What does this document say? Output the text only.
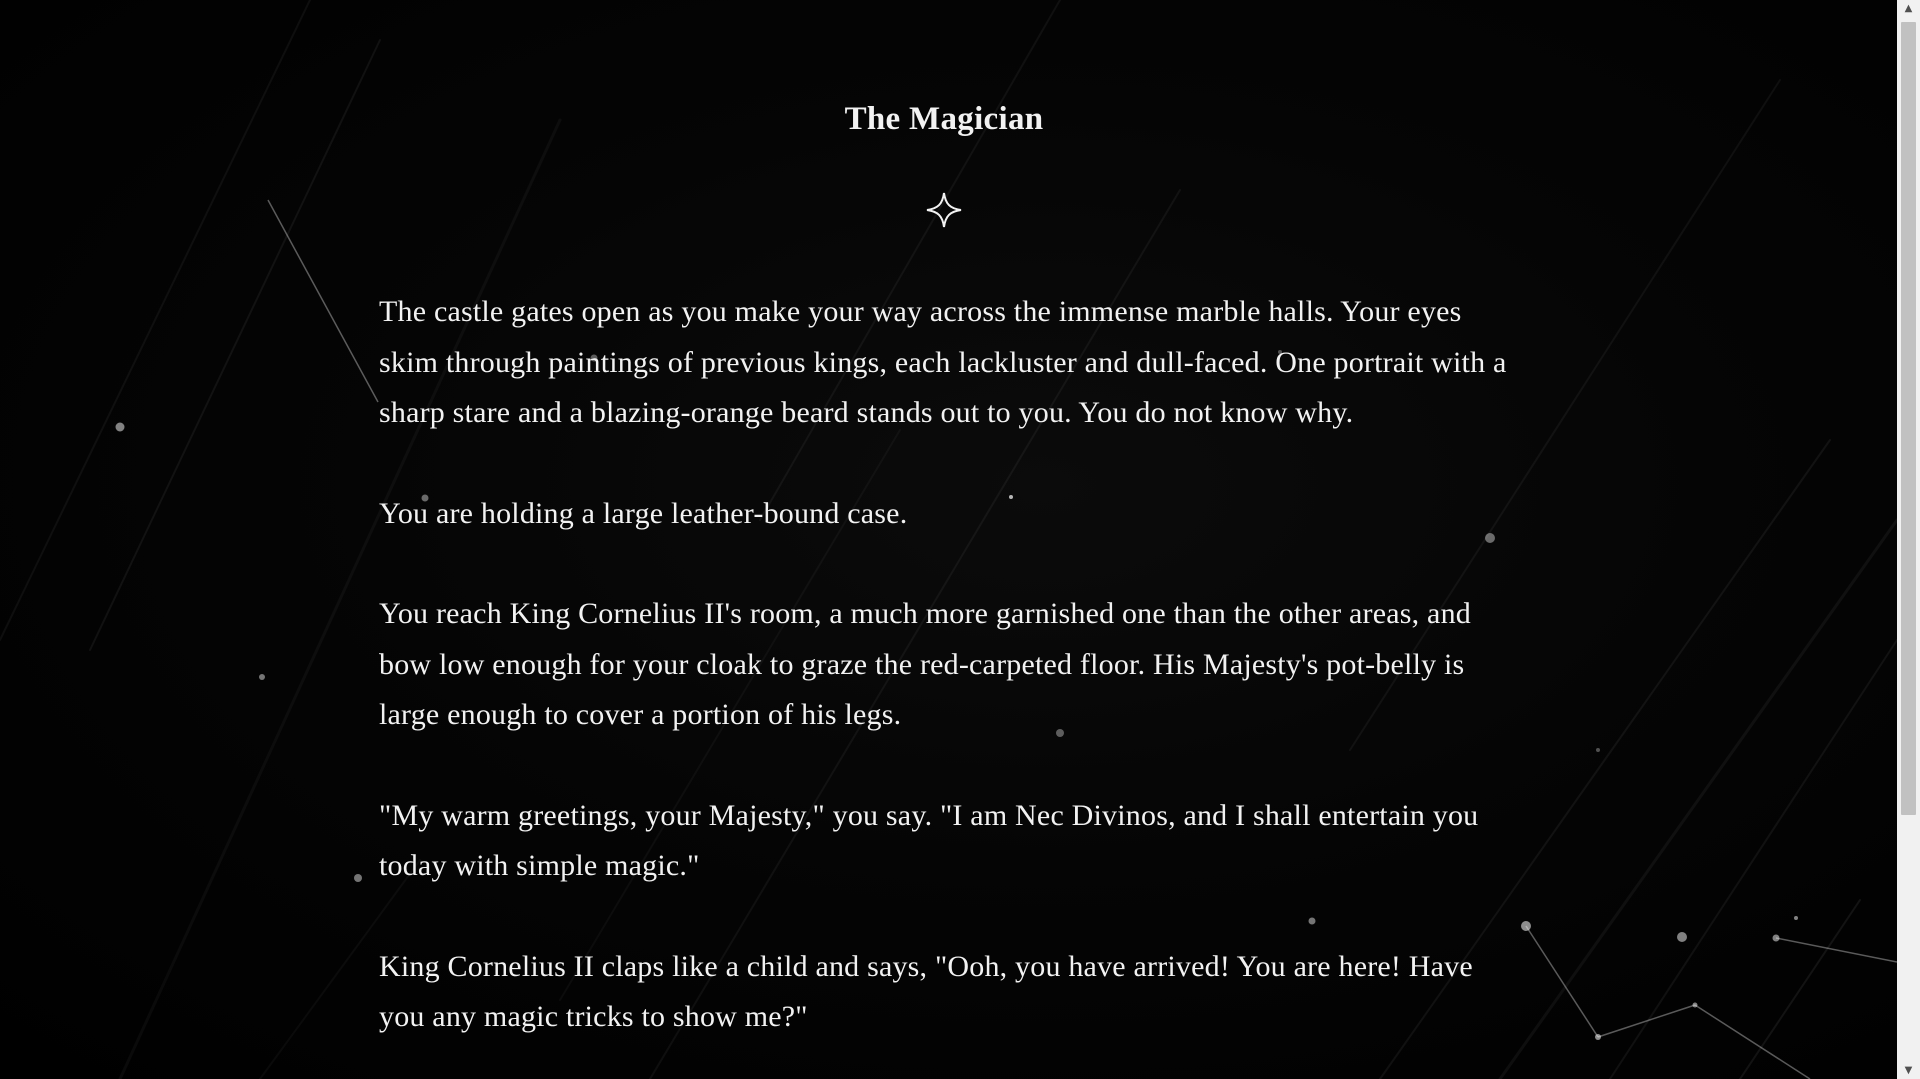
The Magician

The castle gates open as you make your way across the immense marble halls. Your eyes skim through paintings of previous kings, each lackluster and dull-faced. One portrait with a sharp stare and a blazing-orange beard stands out to you. You do not know why.

You are holding a large leather-bound case.

You reach King Cornelius II's room, a much more garnished one than the other areas, and bow low enough for your cloak to graze the red-carpeted floor. His Majesty's pot-belly is large enough to cover a portion of his legs.

"My warm greetings, your Majesty," you say. "I am Nec Divinos, and I shall entertain you today with simple magic."

King Cornelius II claps like a child and says, "Ooh, you have arrived! You are here! Have you any magic tricks to show me?"

▲
▼
